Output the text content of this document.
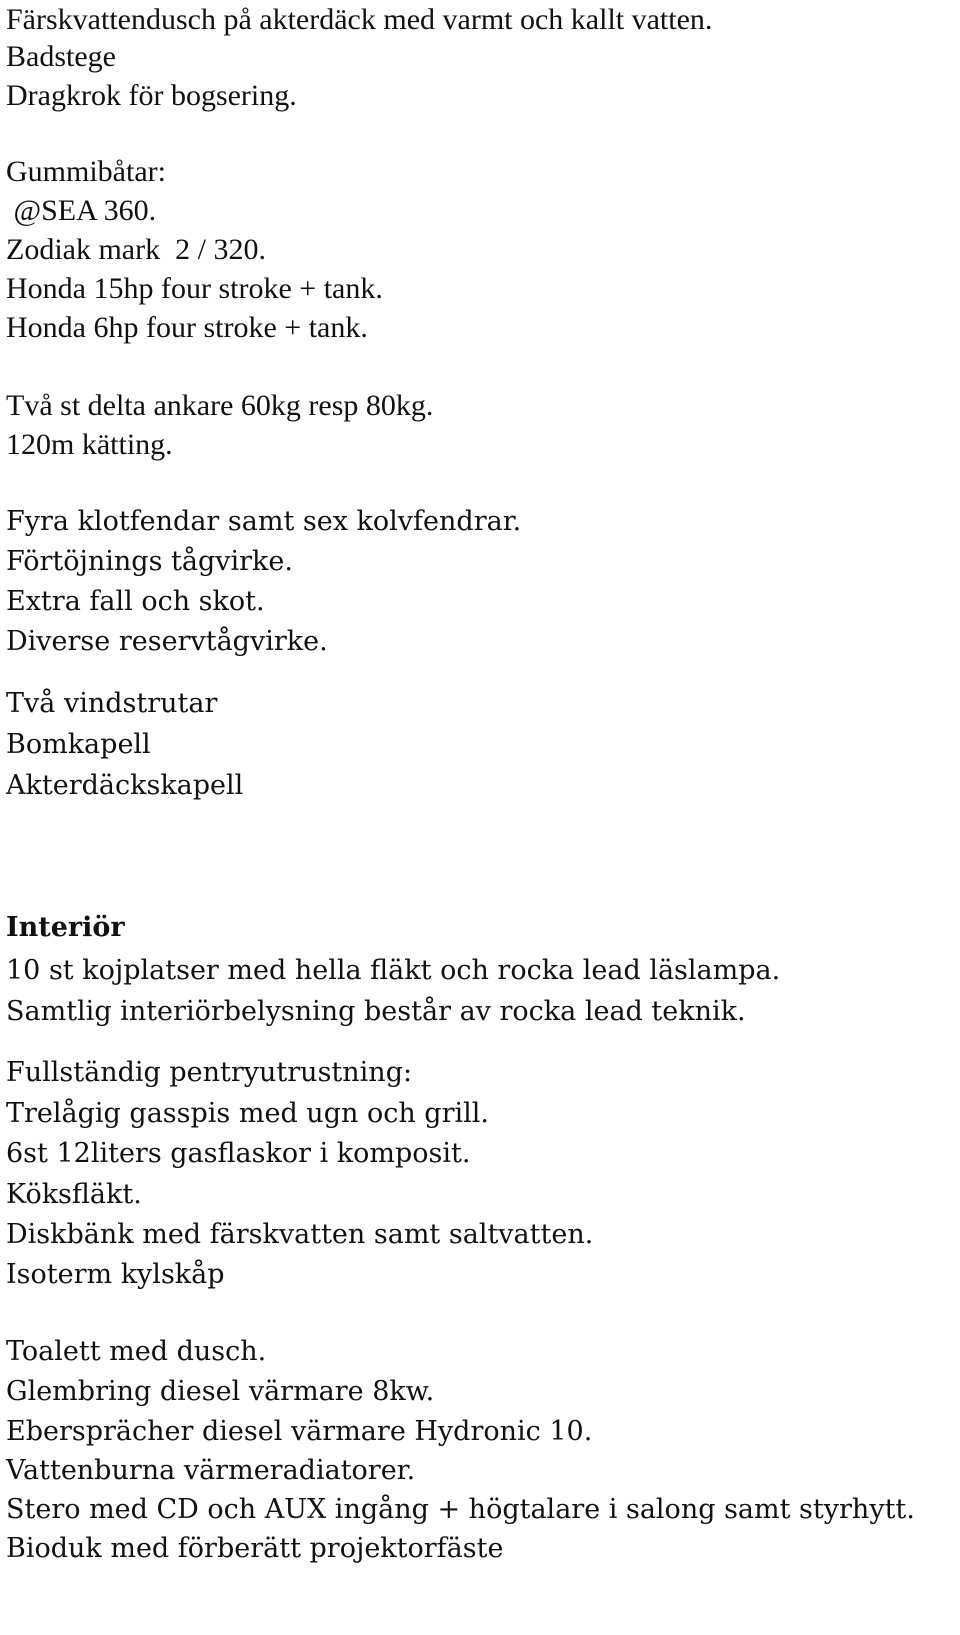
Färskvattendusch på akterdäck med varmt och kallt vatten.
Badstege
Dragkrok för bogsering.
Gummibåtar:
@SEA 360.
Zodiak mark  2 / 320.
Honda 15hp four stroke + tank.
Honda 6hp four stroke + tank.
Två st delta ankare 60kg resp 80kg.
120m kätting.
Fyra klotfendar samt sex kolvfendrar.
Förtöjnings tågvirke.
Extra fall och skot.
Diverse reservtågvirke.
Två vindstrutar
Bomkapell
Akterdäckskapell
Interiör
10 st kojplatser med hella fläkt och rocka lead läslampa.
Samtlig interiörbelysning består av rocka lead teknik.
Fullständig pentryutrustning:
Trelågig gasspis med ugn och grill.
6st 12liters gasflaskor i komposit.
Köksfläkt.
Diskbänk med färskvatten samt saltvatten.
Isoterm kylskåp
Toalett med dusch.
Glembring diesel värmare 8kw.
Ebersprächer diesel värmare Hydronic 10.
Vattenburna värmeradiatorer.
Stero med CD och AUX ingång + högtalare i salong samt styrhytt.
Bioduk med förberätt projektorfäste
